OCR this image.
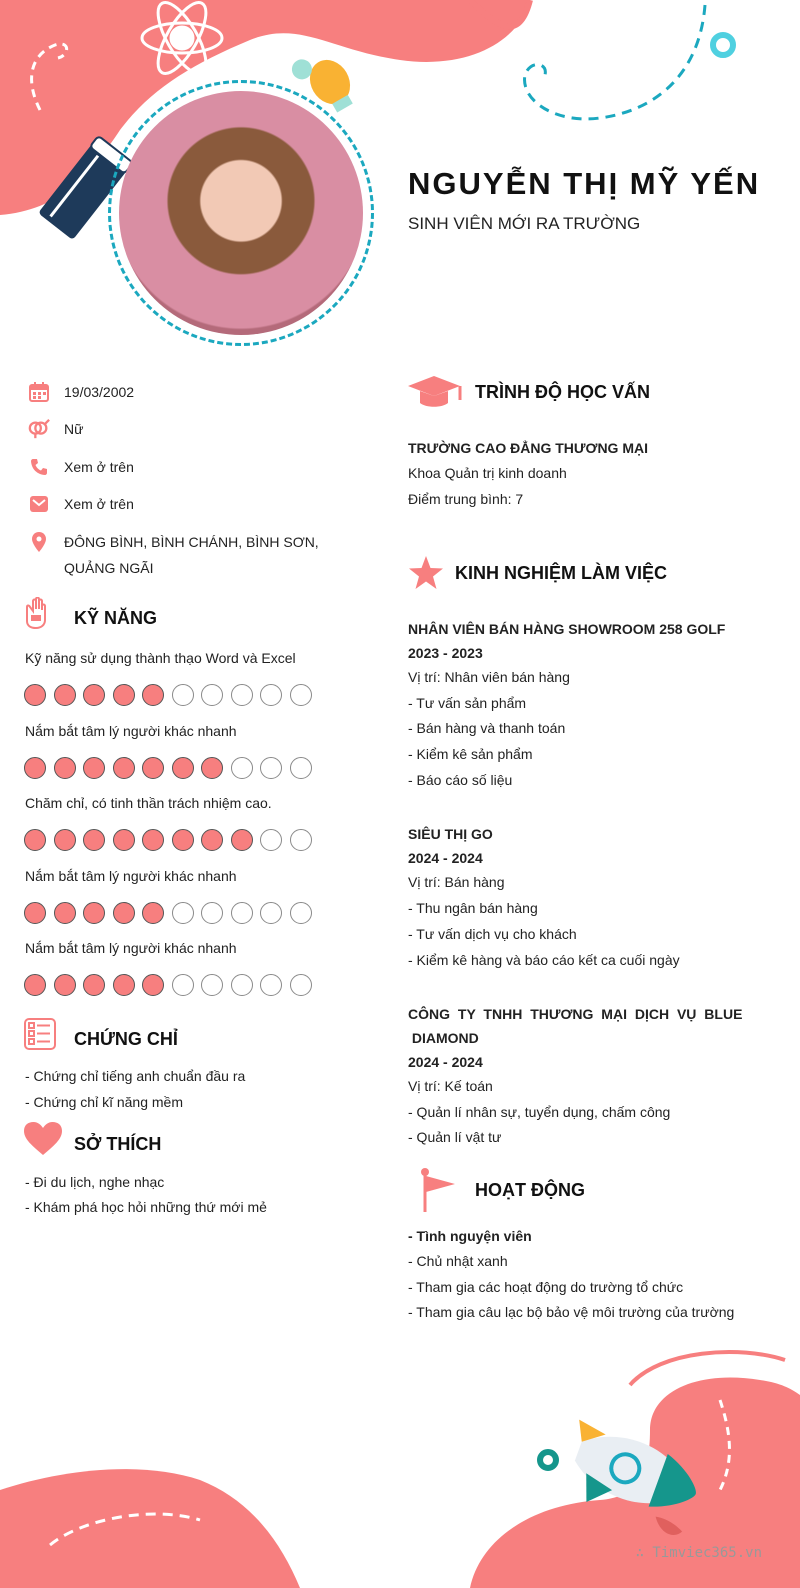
NGUYỄN THỊ MỸ YẾN
SINH VIÊN MỚI RA TRƯỜNG
19/03/2002
Nữ
Xem ở trên
Xem ở trên
ĐÔNG BÌNH, BÌNH CHÁNH, BÌNH SƠN, QUẢNG NGÃI
KỸ NĂNG
Kỹ năng sử dụng thành thạo Word và Excel
Nắm bắt tâm lý người khác nhanh
Chăm chỉ, có tinh thần trách nhiệm cao.
Nắm bắt tâm lý người khác nhanh
Nắm bắt tâm lý người khác nhanh
CHỨNG CHỈ
- Chứng chỉ tiếng anh chuẩn đầu ra
- Chứng chỉ kĩ năng mềm
SỞ THÍCH
- Đi du lịch, nghe nhạc
- Khám phá học hỏi những thứ mới mẻ
TRÌNH ĐỘ HỌC VẤN
TRƯỜNG CAO ĐẲNG THƯƠNG MẠI
Khoa Quản trị kinh doanh
Điểm trung bình: 7
KINH NGHIỆM LÀM VIỆC
NHÂN VIÊN BÁN HÀNG SHOWROOM 258 GOLF
2023 - 2023
Vị trí: Nhân viên bán hàng
- Tư vấn sản phẩm
- Bán hàng và thanh toán
- Kiểm kê sản phẩm
- Báo cáo số liệu
SIÊU THỊ GO
2024 - 2024
Vị trí: Bán hàng
- Thu ngân bán hàng
- Tư vấn dịch vụ cho khách
- Kiểm kê hàng và báo cáo kết ca cuối ngày
CÔNG TY TNHH THƯƠNG MẠI DỊCH VỤ BLUE
DIAMOND
2024 - 2024
Vị trí: Kế toán
- Quản lí nhân sự, tuyển dụng, chấm công
- Quản lí vật tư
HOẠT ĐỘNG
- Tình nguyện viên
- Chủ nhật xanh
- Tham gia các hoạt động do trường tổ chức
- Tham gia câu lạc bộ bảo vệ môi trường của trường
∴ Timviec365.vn
